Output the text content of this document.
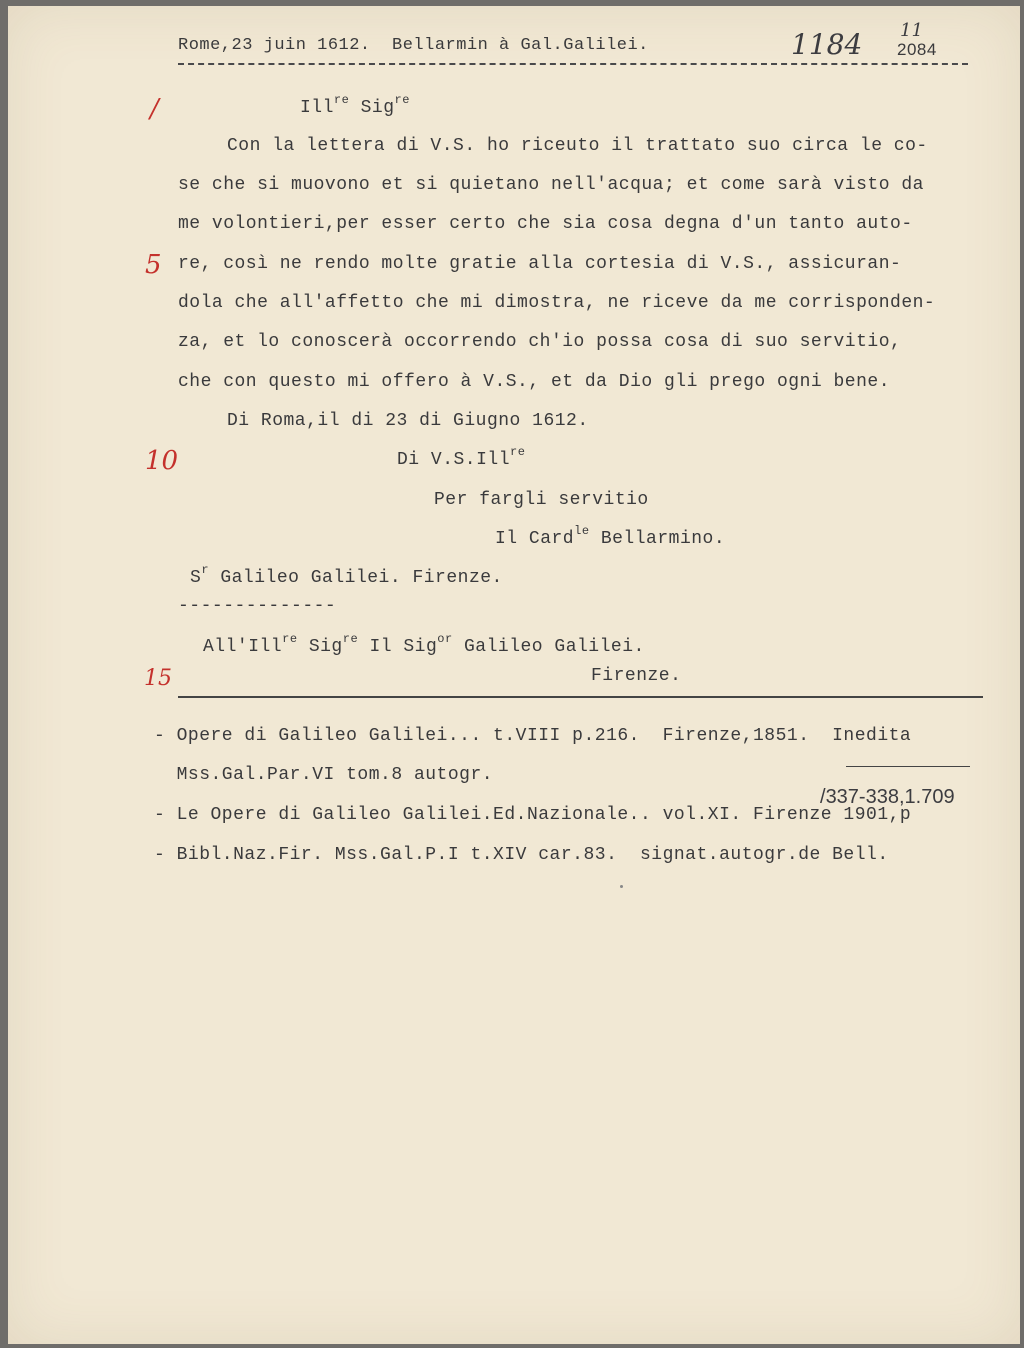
Rome,23 juin 1612.  Bellarmin à Gal.Galilei.	1184 11
2084
/
5
10
15
Ill$^{re}$ Sig$^{re}$
Con la lettera di V.S. ho riceuto il trattato suo circa le co-
se che si muovono et si quietano nell'acqua; et come sarà visto da
me volontieri,per esser certo che sia cosa degna d'un tanto auto-
re, così ne rendo molte gratie alla cortesia di V.S., assicuran-
dola che all'affetto che mi dimostra, ne riceve da me corrisponden-
za, et lo conoscerà occorrendo ch'io possa cosa di suo servitio,
che con questo mi offero à V.S., et da Dio gli prego ogni bene.
Di Roma,il di 23 di Giugno 1612.
Di V.S.Ill$^{re}$
Per fargli servitio
Il Card$^{le}$ Bellarmino.
$S^r$ Galileo Galilei. Firenze.
--------------
All'Ill$^{re}$ Sig$^{re}$ Il Sig$^{or}$ Galileo Galilei.
Firenze.
- Opere di Galileo Galilei... t.VIII p.216.  Firenze,1851.  Inedita
Mss.Gal.Par.VI tom.8 autogr.
/337-338,1.709
- Le Opere di Galileo Galilei.Ed.Nazionale.. vol.XI. Firenze 1901,p
- Bibl.Naz.Fir. Mss.Gal.P.I t.XIV car.83.  signat.autogr.de Bell.
